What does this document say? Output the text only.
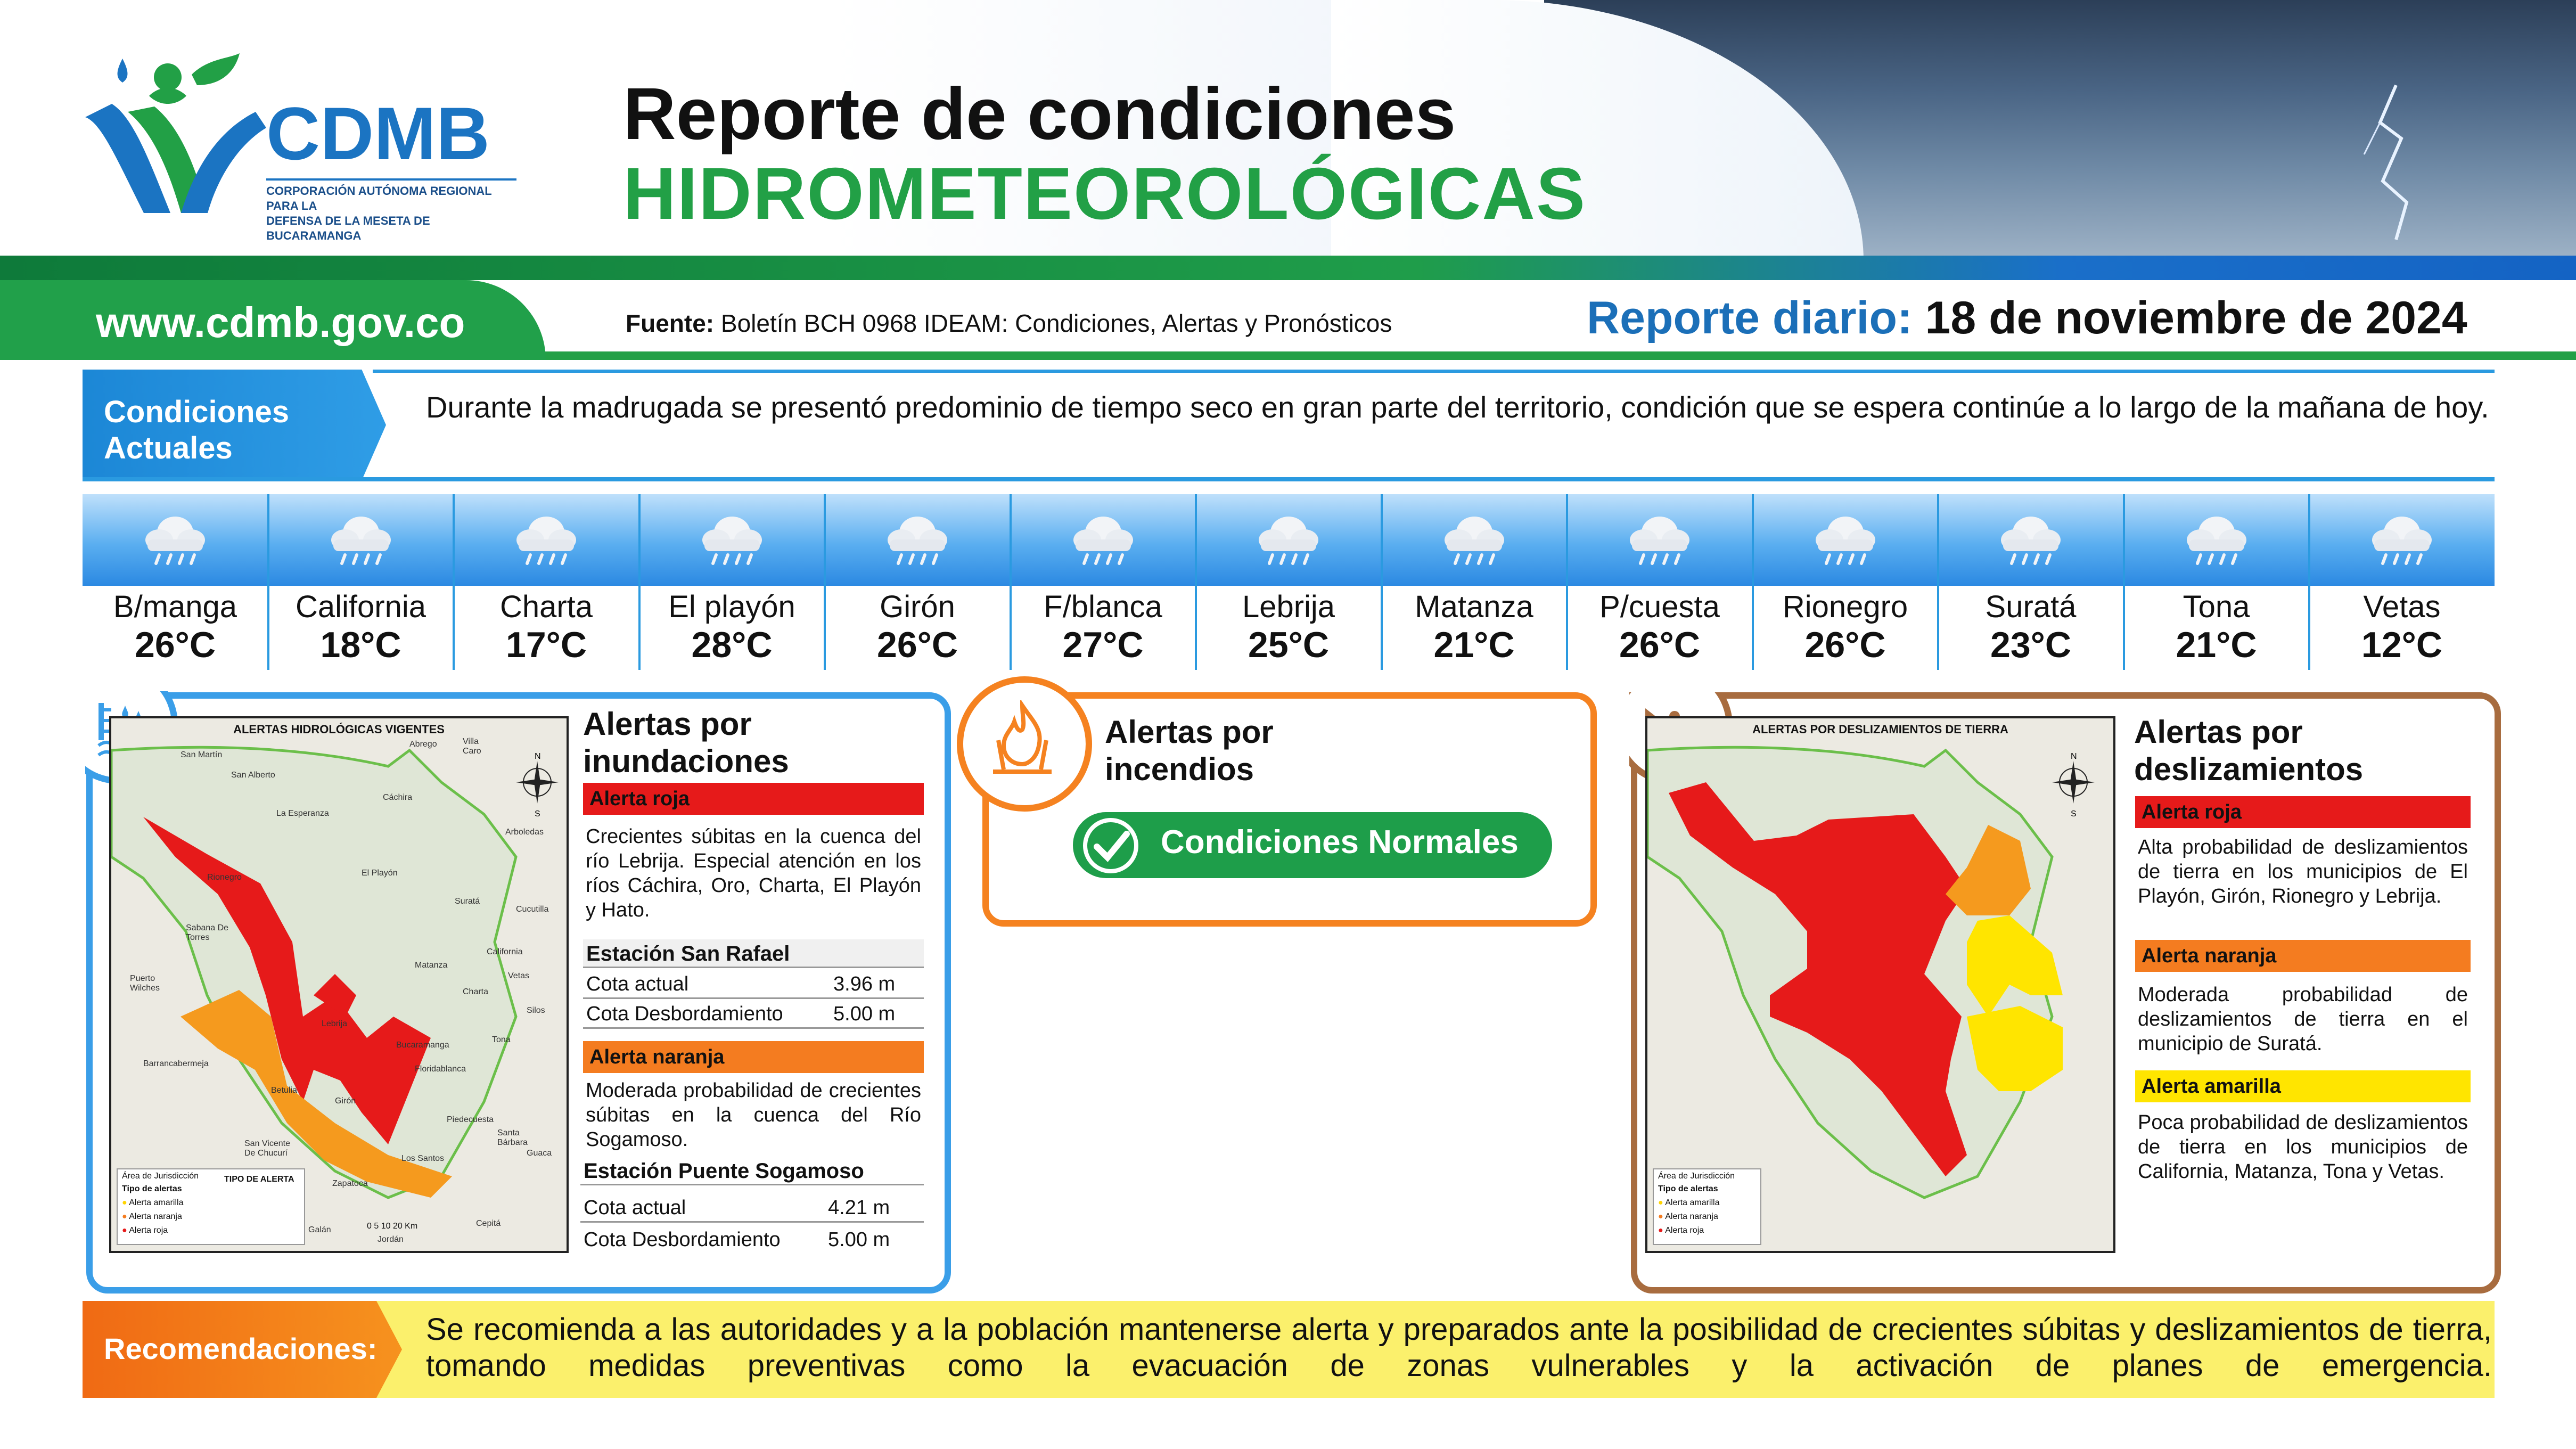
CDMB
CORPORACIÓN AUTÓNOMA REGIONAL PARA LA
DEFENSA DE LA MESETA DE BUCARAMANGA
Reporte de condiciones
HIDROMETEOROLÓGICAS
www.cdmb.gov.co	Fuente: Boletín BCH 0968 IDEAM: Condiciones, Alertas y Pronósticos	Reporte diario: 18 de noviembre de 2024
Condiciones
Actuales
Durante la madrugada se presentó predominio de tiempo seco en gran parte del territorio, condición que se espera continúe a lo largo de la mañana de hoy.
B/manga
26°C
California
18°C
Charta
17°C
El playón
28°C
Girón
26°C
F/blanca
27°C
Lebrija
25°C
Matanza
21°C
P/cuesta
26°C
Rionegro
26°C
Suratá
23°C
Tona
21°C
Vetas
12°C
ALERTAS HIDROLÓGICAS VIGENTES
San Martín
San Alberto
La Esperanza
Sabana De Torres
Puerto Wilches
Barrancabermeja
Betulia
Girón
Lebrija
El Playón
Suratá
Matanza
Vetas
Tona
Bucaramanga
Floridablanca
Piedecuesta
Los Santos
Zapatoca
San Vicente De Chucurí
Cáchira
Abrego	Villa Caro
Arboledas
Cucutilla
Silos
Santa Bárbara
Guaca
Galán
Jordán
Cepitá
Rionegro
Charta
California
N
S
Área de Jurisdicción
Tipo de alertas
● Alerta amarilla
● Alerta naranja
● Alerta roja
TIPO DE ALERTA
0 5 10 20 Km
Alertas por
inundaciones
Alerta roja
Crecientes súbitas en la cuenca del río Lebrija. Especial atención en los ríos Cáchira, Oro, Charta, El Playón y Hato.
Estación San Rafael
Cota actual	3.96 m
Cota Desbordamiento 5.00 m
Alerta naranja
Moderada probabilidad de crecientes súbitas en la cuenca del Río Sogamoso.
Estación Puente Sogamoso
Cota actual	4.21 m
Cota Desbordamiento 5.00 m
Alertas por
incendios
Condiciones Normales
ALERTAS POR DESLIZAMIENTOS DE TIERRA
N
S
Área de Jurisdicción
Tipo de alertas
● Alerta amarilla
● Alerta naranja
● Alerta roja
Alertas por
deslizamientos
Alerta roja
Alta probabilidad de deslizamientos de tierra en los municipios de El Playón, Girón, Rionegro y Lebrija.
Alerta naranja
Moderada probabilidad de deslizamientos de tierra en el municipio de Suratá.
Alerta amarilla
Poca probabilidad de deslizamientos de tierra en los municipios de California, Matanza, Tona y Vetas.
Recomendaciones:
Se recomienda a las autoridades y a la población mantenerse alerta y preparados ante la posibilidad de crecientes súbitas y deslizamientos de tierra, tomando medidas preventivas como la evacuación de zonas vulnerables y la activación de planes de emergencia.
